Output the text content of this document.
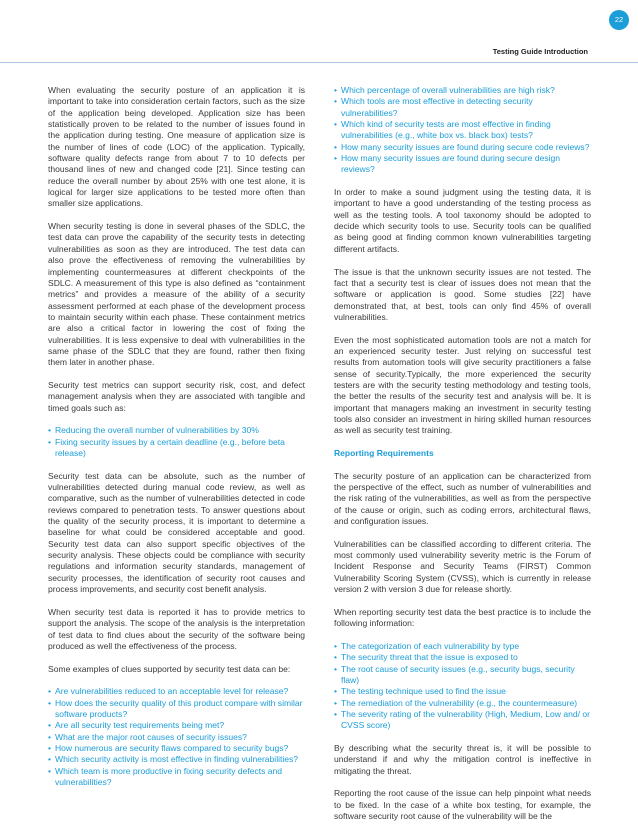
22
Testing Guide Introduction

When evaluating the security posture of an application it is important to take into consideration certain factors, such as the size of the application being developed. Application size has been statistically proven to be related to the number of issues found in the application during testing. One measure of application size is the number of lines of code (LOC) of the application. Typically, software quality defects range from about 7 to 10 defects per thousand lines of new and changed code [21]. Since testing can reduce the overall number by about 25% with one test alone, it is logical for larger size applications to be tested more often than smaller size applications.

When security testing is done in several phases of the SDLC, the test data can prove the capability of the security tests in detecting vulnerabilities as soon as they are introduced. The test data can also prove the effectiveness of removing the vulnerabilities by implementing countermeasures at different checkpoints of the SDLC. A measurement of this type is also defined as “containment metrics” and provides a measure of the ability of a security assessment performed at each phase of the development process to maintain security within each phase. These containment metrics are also a critical factor in lowering the cost of fixing the vulnerabilities. It is less expensive to deal with vulnerabilities in the same phase of the SDLC that they are found, rather then fixing them later in another phase.

Security test metrics can support security risk, cost, and defect management analysis when they are associated with tangible and timed goals such as:

• Reducing the overall number of vulnerabilities by 30%
• Fixing security issues by a certain deadline (e.g., before beta release)

Security test data can be absolute, such as the number of vulnerabilities detected during manual code review, as well as comparative, such as the number of vulnerabilities detected in code reviews compared to penetration tests. To answer questions about the quality of the security process, it is important to determine a baseline for what could be considered acceptable and good. Security test data can also support specific objectives of the security analysis. These objects could be compliance with security regulations and information security standards, management of security processes, the identification of security root causes and process improvements, and security cost benefit analysis.

When security test data is reported it has to provide metrics to support the analysis. The scope of the analysis is the interpretation of test data to find clues about the security of the software being produced as well the effectiveness of the process.

Some examples of clues supported by security test data can be:

• Are vulnerabilities reduced to an acceptable level for release?
• How does the security quality of this product compare with similar software products?
• Are all security test requirements being met?
• What are the major root causes of security issues?
• How numerous are security flaws compared to security bugs?
• Which security activity is most effective in finding vulnerabilities?
• Which team is more productive in fixing security defects and vulnerabilities?
• Which percentage of overall vulnerabilities are high risk?
• Which tools are most effective in detecting security vulnerabilities?
• Which kind of security tests are most effective in finding vulnerabilities (e.g., white box vs. black box) tests?
• How many security issues are found during secure code reviews?
• How many security issues are found during secure design reviews?

In order to make a sound judgment using the testing data, it is important to have a good understanding of the testing process as well as the testing tools. A tool taxonomy should be adopted to decide which security tools to use. Security tools can be qualified as being good at finding common known vulnerabilities targeting different artifacts.

The issue is that the unknown security issues are not tested. The fact that a security test is clear of issues does not mean that the software or application is good. Some studies [22] have demonstrated that, at best, tools can only find 45% of overall vulnerabilities.

Even the most sophisticated automation tools are not a match for an experienced security tester. Just relying on successful test results from automation tools will give security practitioners a false sense of security.Typically, the more experienced the security testers are with the security testing methodology and testing tools, the better the results of the security test and analysis will be. It is important that managers making an investment in security testing tools also consider an investment in hiring skilled human resources as well as security test training.

Reporting Requirements

The security posture of an application can be characterized from the perspective of the effect, such as number of vulnerabilities and the risk rating of the vulnerabilities, as well as from the perspective of the cause or origin, such as coding errors, architectural flaws, and configuration issues.

Vulnerabilities can be classified according to different criteria. The most commonly used vulnerability severity metric is the Forum of Incident Response and Security Teams (FIRST) Common Vulnerability Scoring System (CVSS), which is currently in release version 2 with version 3 due for release shortly.

When reporting security test data the best practice is to include the following information:

• The categorization of each vulnerability by type
• The security threat that the issue is exposed to
• The root cause of security issues (e.g., security bugs, security flaw)
• The testing technique used to find the issue
• The remediation of the vulnerability (e.g., the countermeasure)
• The severity rating of the vulnerability (High, Medium, Low and/ or CVSS score)

By describing what the security threat is, it will be possible to understand if and why the mitigation control is ineffective in mitigating the threat.

Reporting the root cause of the issue can help pinpoint what needs to be fixed. In the case of a white box testing, for example, the software security root cause of the vulnerability will be the
